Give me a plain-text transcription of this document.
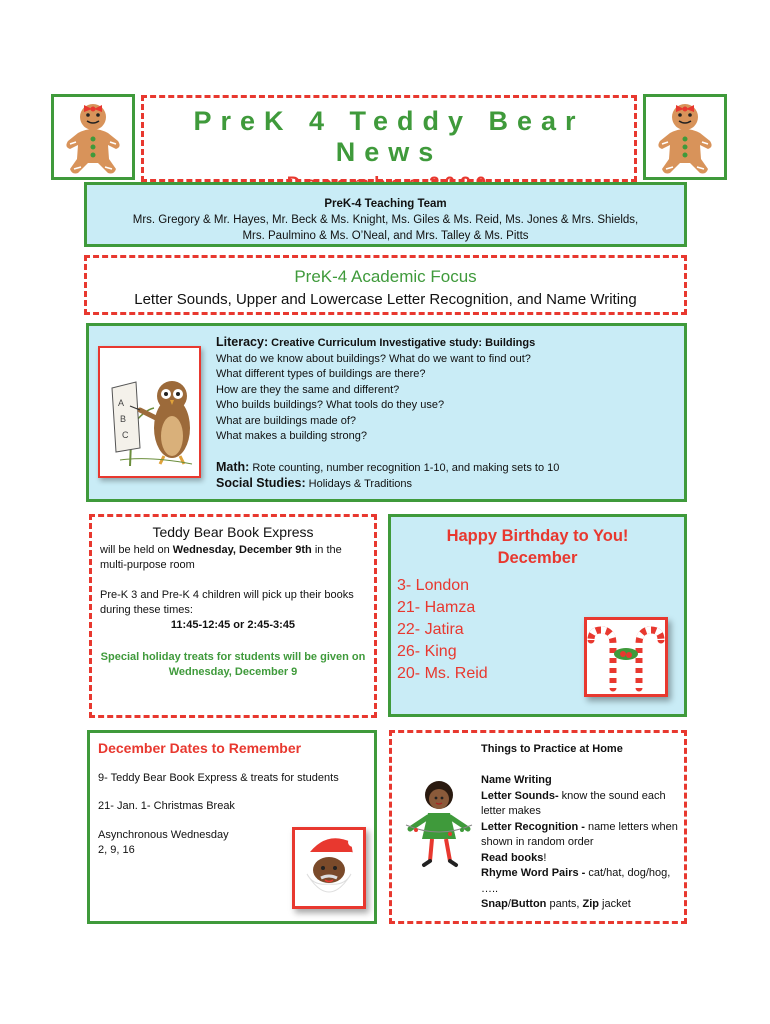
PreK 4 Teddy Bear News
PreK-4 Teaching Team
Mrs. Gregory & Mr. Hayes, Mr. Beck & Ms. Knight, Ms. Giles & Ms. Reid, Ms. Jones & Mrs. Shields,
Mrs. Paulmino & Ms. O’Neal, and Mrs. Talley & Ms. Pitts
PreK-4 Academic Focus
Letter Sounds, Upper and Lowercase Letter Recognition, and Name Writing
A
B
C
Literacy: Creative Curriculum Investigative study: Buildings
What do we know about buildings? What do we want to find out?
What different types of buildings are there?
How are they the same and different?
Who builds buildings? What tools do they use?
What are buildings made of?
What makes a building strong?
Math: Rote counting, number recognition 1-10, and making sets to 10
Social Studies: Holidays & Traditions
Teddy Bear Book Express
will be held on Wednesday, December 9th in the multi-purpose room
Pre-K 3 and Pre-K 4 children will pick up their books during these times:
11:45-12:45 or 2:45-3:45
Special holiday treats for students will be given on Wednesday, December 9
Happy Birthday to You!
December
3- London
21- Hamza
22- Jatira
26- King
20- Ms. Reid
December Dates to Remember
9- Teddy Bear Book Express & treats for students
21- Jan. 1- Christmas Break
Asynchronous Wednesday
2, 9, 16
Things to Practice at Home
Name Writing
Letter Sounds- know the sound each letter makes
Letter Recognition - name letters when shown in random order
Read books!
Rhyme Word Pairs - cat/hat, dog/hog, …..
Snap/Button pants, Zip jacket
